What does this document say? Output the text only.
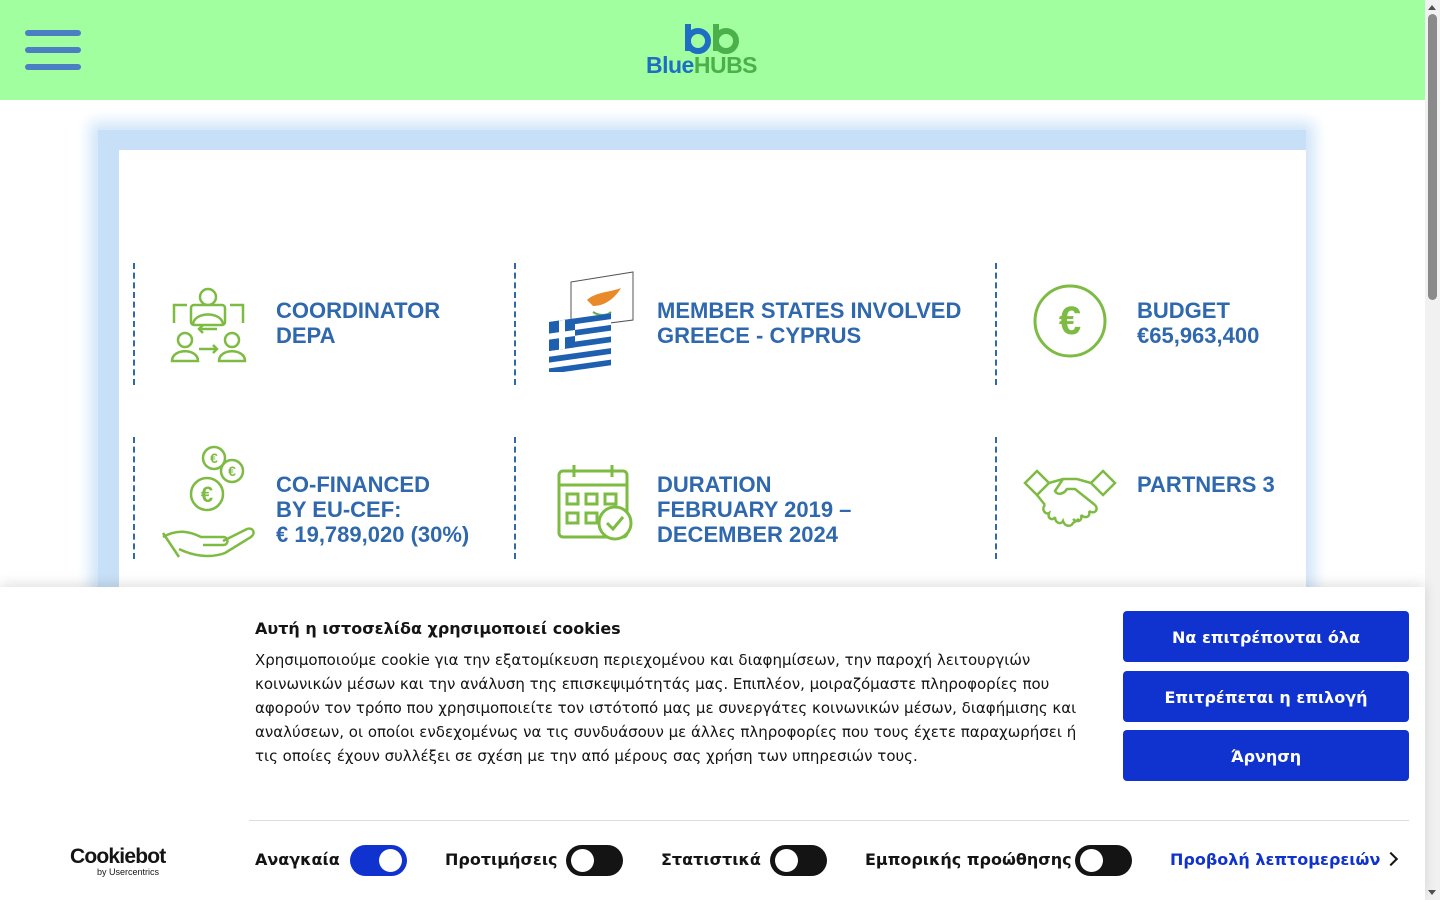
BlueHUBS
COORDINATOR
DEPA
MEMBER STATES INVOLVED
GREECE - CYPRUS	€	BUDGET
€65,963,400
€
€
€	CO-FINANCED
BY EU-CEF:
€ 19,789,020 (30%)
DURATION
FEBRUARY 2019 –
DECEMBER 2024
PARTNERS 3
Cookiebot
by Usercentrics
Αυτή η ιστοσελίδα χρησιμοποιεί cookies
Χρησιμοποιούμε cookie για την εξατομίκευση περιεχομένου και διαφημίσεων, την παροχή λειτουργιών κοινωνικών μέσων και την ανάλυση της επισκεψιμότητάς μας. Επιπλέον, μοιραζόμαστε πληροφορίες που αφορούν τον τρόπο που χρησιμοποιείτε τον ιστότοπό μας με συνεργάτες κοινωνικών μέσων, διαφήμισης και αναλύσεων, οι οποίοι ενδεχομένως να τις συνδυάσουν με άλλες πληροφορίες που τους έχετε παραχωρήσει ή τις οποίες έχουν συλλέξει σε σχέση με την από μέρους σας χρήση των υπηρεσιών τους.
Να επιτρέπονται όλα
Επιτρέπεται η επιλογή
Άρνηση
Αναγκαία	Προτιμήσεις	Στατιστικά	Εμπορικής προώθησης	Προβολή λεπτομερειών
